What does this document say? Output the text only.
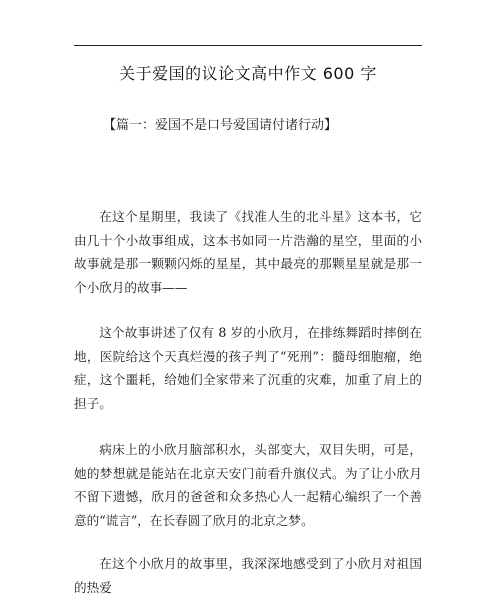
关于爱国的议论文高中作文 600 字
【篇一：爱国不是口号爱国请付诸行动】

在这个星期里，我读了《找准人生的北斗星》这本书，它由几十个小故事组成，这本书如同一片浩瀚的星空，里面的小故事就是那一颗颗闪烁的星星，其中最亮的那颗星星就是那一个小欣月的故事——

这个故事讲述了仅有 8 岁的小欣月，在排练舞蹈时摔倒在地，医院给这个天真烂漫的孩子判了“死刑”：髓母细胞瘤，绝症，这个噩耗，给她们全家带来了沉重的灾难，加重了肩上的担子。

病床上的小欣月脑部积水，头部变大，双目失明，可是，她的梦想就是能站在北京天安门前看升旗仪式。为了让小欣月不留下遗憾，欣月的爸爸和众多热心人一起精心编织了一个善意的“谎言”，在长春圆了欣月的北京之梦。

在这个小欣月的故事里，我深深地感受到了小欣月对祖国的热爱
